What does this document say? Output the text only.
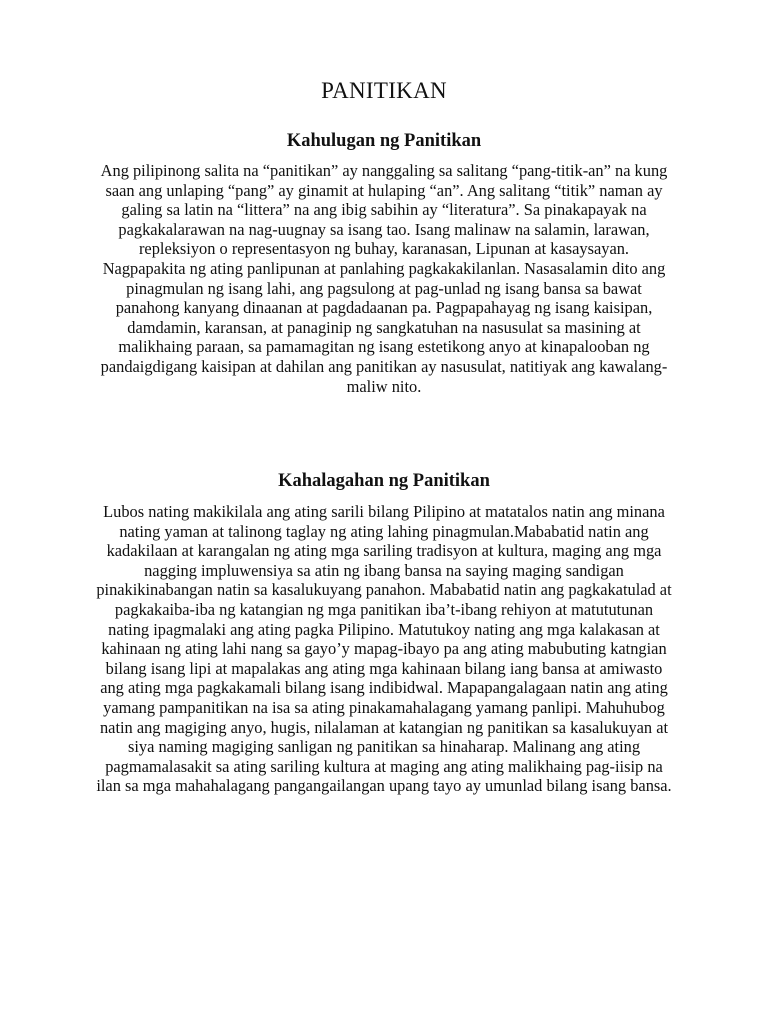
PANITIKAN
Kahulugan ng Panitikan

Ang pilipinong salita na “panitikan” ay nanggaling sa salitang “pang-titik-an” na kung saan ang unlaping “pang” ay ginamit at hulaping “an”. Ang salitang “titik” naman ay galing sa latin na “littera” na ang ibig sabihin ay “literatura”. Sa pinakapayak na pagkakalarawan na nag-uugnay sa isang tao. Isang malinaw na salamin, larawan, repleksiyon o representasyon ng buhay, karanasan, Lipunan at kasaysayan. Nagpapakita ng ating panlipunan at panlahing pagkakakilanlan. Nasasalamin dito ang pinagmulan ng isang lahi, ang pagsulong at pag-unlad ng isang bansa sa bawat panahong kanyang dinaanan at pagdadaanan pa. Pagpapahayag ng isang kaisipan, damdamin, karansan, at panaginip ng sangkatuhan na nasusulat sa masining at malikhaing paraan, sa pamamagitan ng isang estetikong anyo at kinapalooban ng pandaigdigang kaisipan at dahilan ang panitikan ay nasusulat, natitiyak ang kawalang-maliw nito.

Kahalagahan ng Panitikan

Lubos nating makikilala ang ating sarili bilang Pilipino at matatalos natin ang minana nating yaman at talinong taglay ng ating lahing pinagmulan.Mababatid natin ang kadakilaan at karangalan ng ating mga sariling tradisyon at kultura, maging ang mga nagging impluwensiya sa atin ng ibang bansa na saying maging sandigan pinakikinabangan natin sa kasalukuyang panahon. Mababatid natin ang pagkakatulad at pagkakaiba-iba ng katangian ng mga panitikan iba’t-ibang rehiyon at matututunan nating ipagmalaki ang ating pagka Pilipino. Matutukoy nating ang mga kalakasan at kahinaan ng ating lahi nang sa gayo’y mapag-ibayo pa ang ating mabubuting katngian bilang isang lipi at mapalakas ang ating mga kahinaan bilang iang bansa at amiwasto ang ating mga pagkakamali bilang isang indibidwal. Mapapangalagaan natin ang ating yamang pampanitikan na isa sa ating pinakamahalagang yamang panlipi. Mahuhubog natin ang magiging anyo, hugis, nilalaman at katangian ng panitikan sa kasalukuyan at siya naming magiging sanligan ng panitikan sa hinaharap. Malinang ang ating pagmamalasakit sa ating sariling kultura at maging ang ating malikhaing pag-iisip na ilan sa mga mahahalagang pangangailangan upang tayo ay umunlad bilang isang bansa.
